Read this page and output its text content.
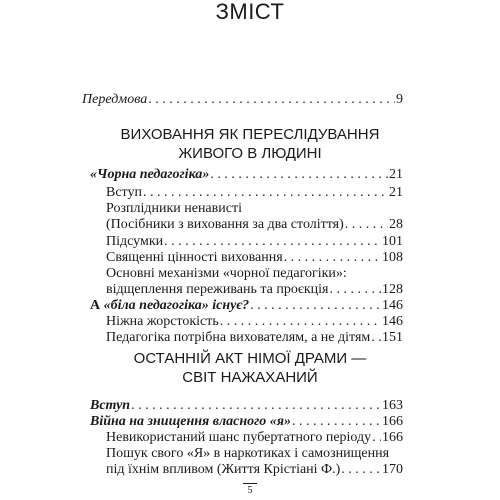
ЗМІСТ
Передмова . . .	9
ВИХОВАННЯ ЯК ПЕРЕСЛІДУВАННЯ
ЖИВОГО В ЛЮДИНІ
«Чорна педагогіка» . . .	21
Вступ . . .	21
Розплідники ненависті
(Посібники з виховання за два століття) . . .	28
Підсумки . . .	101
Священні цінності виховання . . .	108
Основні механізми «чорної педагогіки»:
відщеплення переживань та проєкція . . .	128
А «біла педагогіка» існує? . . .	146
Ніжна жорстокість . . .	146
Педагогіка потрібна вихователям, а не дітям . . . 151
ОСТАННІЙ АКТ НІМОЇ ДРАМИ —
СВІТ НАЖАХАНИЙ
Вступ . . .	163
Війна на знищення власного «я» . . .	166
Невикористаний шанс пубертатного періоду . . . 166
Пошук свого «Я» в наркотиках і самознищення
під їхнім впливом (Життя Крістіані Ф.) . . .	170
5
